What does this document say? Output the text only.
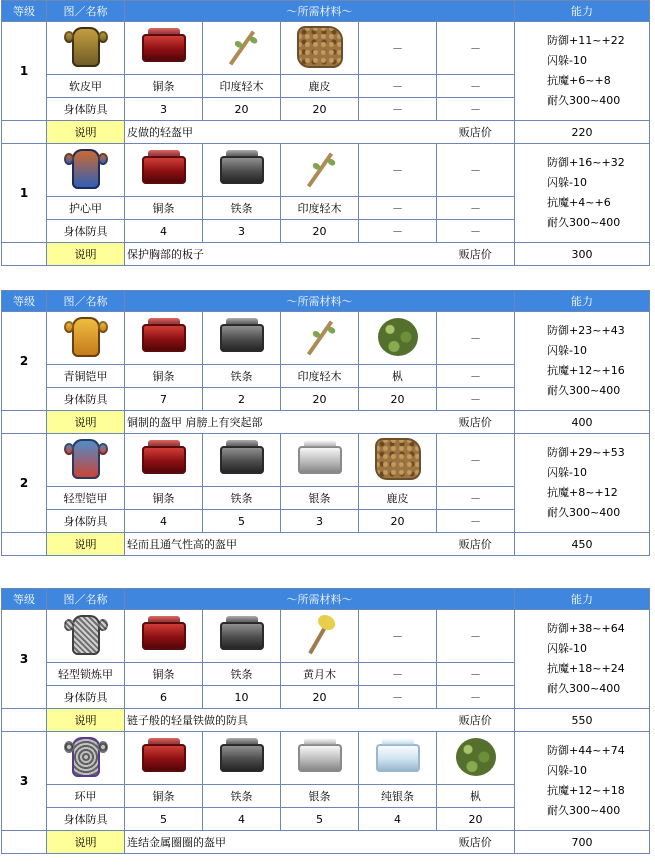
等级	图／名称	～所需材料～					能力
1					－	－	防御+11~+22
闪躲-10
抗魔+6~+8
耐久300~400

	软皮甲	铜条	印度轻木	鹿皮	－	－	
	身体防具	3	20	20	－	－	
	说明	皮做的轻盔甲				贩店价	220
1					－	－	防御+16~+32
闪躲-10
抗魔+4~+6
耐久300~400

	护心甲	铜条	铁条	印度轻木	－	－	
	身体防具	4	3	20	－	－	
	说明	保护胸部的板子				贩店价	300
等级	图／名称	～所需材料～					能力
2						－	防御+23~+43
闪躲-10
抗魔+12~+16
耐久300~400

	青铜铠甲	铜条	铁条	印度轻木	枞	－	
	身体防具	7	2	20	20	－	
	说明	铜制的盔甲 肩膀上有突起部				贩店价	400
2						－	防御+29~+53
闪躲-10
抗魔+8~+12
耐久300~400

	轻型铠甲	铜条	铁条	银条	鹿皮	－	
	身体防具	4	5	3	20	－	
	说明	轻而且通气性高的盔甲				贩店价	450
等级	图／名称	～所需材料～					能力
3					－	－	防御+38~+64
闪躲-10
抗魔+18~+24
耐久300~400

	轻型锁炼甲	铜条	铁条	黄月木	－	－	
	身体防具	6	10	20	－	－	
	说明	链子般的轻量铁做的防具				贩店价	550
3							防御+44~+74
闪躲-10
抗魔+12~+18
耐久300~400

	环甲	铜条	铁条	银条	纯银条	枞	
	身体防具	5	4	5	4	20	
	说明	连结金属圈圈的盔甲				贩店价	700
